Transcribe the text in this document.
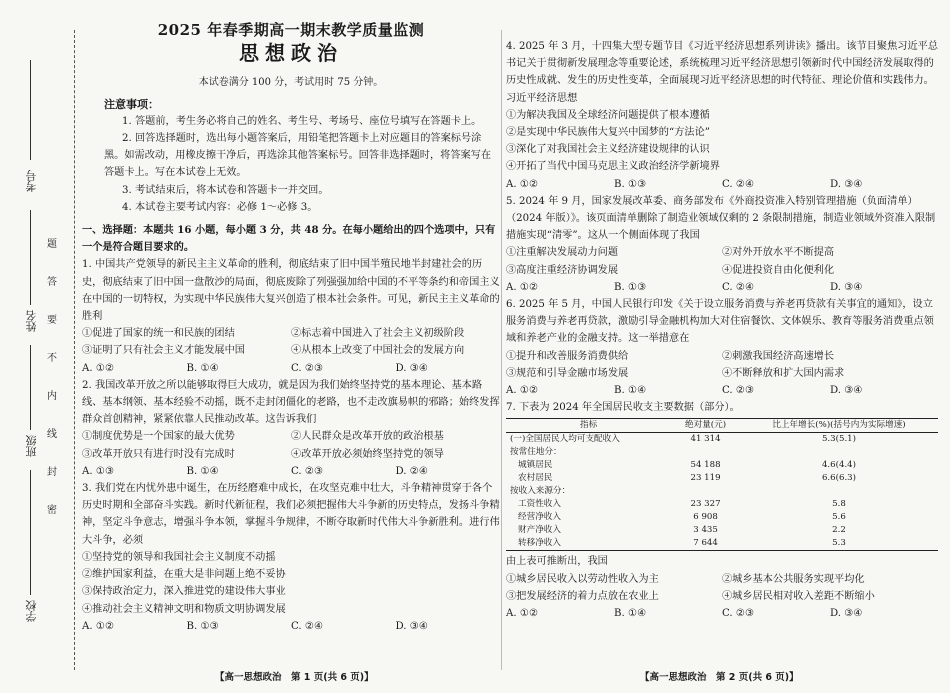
考号
姓名
班级
学校
题
答
要
不
内
线
封
密
2025 年春季期高一期末教学质量监测
思想政治
本试卷满分 100 分，考试用时 75 分钟。
注意事项：
1. 答题前，考生务必将自己的姓名、考生号、考场号、座位号填写在答题卡上。
2. 回答选择题时，选出每小题答案后，用铅笔把答题卡上对应题目的答案标号涂黑。如需改动，用橡皮擦干净后，再选涂其他答案标号。回答非选择题时，将答案写在答题卡上。写在本试卷上无效。
3. 考试结束后，将本试卷和答题卡一并交回。
4. 本试卷主要考试内容：必修 1～必修 3。
一、选择题：本题共 16 小题，每小题 3 分，共 48 分。在每小题给出的四个选项中，只有一个是符合题目要求的。
1. 中国共产党领导的新民主主义革命的胜利，彻底结束了旧中国半殖民地半封建社会的历史，彻底结束了旧中国一盘散沙的局面，彻底废除了列强强加给中国的不平等条约和帝国主义在中国的一切特权，为实现中华民族伟大复兴创造了根本社会条件。可见，新民主主义革命的胜利
①促进了国家的统一和民族的团结	②标志着中国进入了社会主义初级阶段
③证明了只有社会主义才能发展中国	④从根本上改变了中国社会的发展方向
A. ①②	B. ①④	C. ②③	D. ③④
2. 我国改革开放之所以能够取得巨大成功，就是因为我们始终坚持党的基本理论、基本路线、基本纲领、基本经验不动摇，既不走封闭僵化的老路，也不走改旗易帜的邪路；始终发挥群众首创精神，紧紧依靠人民推动改革。这告诉我们
①制度优势是一个国家的最大优势	②人民群众是改革开放的政治根基
③改革开放只有进行时没有完成时	④改革开放必须始终坚持党的领导
A. ①③	B. ①④	C. ②③	D. ②④
3. 我们党在内忧外患中诞生，在历经磨难中成长，在攻坚克难中壮大，斗争精神贯穿于各个历史时期和全部奋斗实践。新时代新征程，我们必须把握伟大斗争新的历史特点，发扬斗争精神，坚定斗争意志，增强斗争本领，掌握斗争规律，不断夺取新时代伟大斗争新胜利。进行伟大斗争，必须
①坚持党的领导和我国社会主义制度不动摇
②维护国家利益，在重大是非问题上绝不妥协
③保持政治定力，深入推进党的建设伟大事业
④推动社会主义精神文明和物质文明协调发展
A. ①②	B. ①③	C. ②④	D. ③④
【高一思想政治　第 1 页(共 6 页)】
4. 2025 年 3 月，十四集大型专题节目《习近平经济思想系列讲读》播出。该节目聚焦习近平总书记关于贯彻新发展理念等重要论述，系统梳理习近平经济思想引领新时代中国经济发展取得的历史性成就、发生的历史性变革，全面展现习近平经济思想的时代特征、理论价值和实践伟力。习近平经济思想
①为解决我国及全球经济问题提供了根本遵循
②是实现中华民族伟大复兴中国梦的“方法论”
③深化了对我国社会主义经济建设规律的认识
④开拓了当代中国马克思主义政治经济学新境界
A. ①②	B. ①③	C. ②④	D. ③④
5. 2024 年 9 月，国家发展改革委、商务部发布《外商投资准入特别管理措施（负面清单）（2024 年版）》。该页面清单删除了制造业领域仅剩的 2 条限制措施，制造业领域外资准入限制措施实现“清零”。这从一个侧面体现了我国
①注重解决发展动力问题	②对外开放水平不断提高
③高度注重经济协调发展	④促进投资自由化便利化
A. ①②	B. ①③	C. ②④	D. ③④
6. 2025 年 5 月，中国人民银行印发《关于设立服务消费与养老再贷款有关事宜的通知》，设立服务消费与养老再贷款，激励引导金融机构加大对住宿餐饮、文体娱乐、教育等服务消费重点领域和养老产业的金融支持。这一举措意在
①提升和改善服务消费供给	②刺激我国经济高速增长
③规范和引导金融市场发展	④不断释放和扩大国内需求
A. ①②	B. ①④	C. ②③	D. ③④
7. 下表为 2024 年全国居民收支主要数据（部分）。
指标	绝对量(元)	比上年增长(%)(括号内为实际增速)
(一)全国居民人均可支配收入	41 314	5.3(5.1)
按常住地分：		
城镇居民	54 188	4.6(4.4)
农村居民	23 119	6.6(6.3)
按收入来源分：		
工资性收入	23 327	5.8
经营净收入	6 908	5.6
财产净收入	3 435	2.2
转移净收入	7 644	5.3
由上表可推断出，我国
①城乡居民收入以劳动性收入为主	②城乡基本公共服务实现平均化
③把发展经济的着力点放在农业上	④城乡居民相对收入差距不断缩小
A. ①②	B. ①④	C. ②③	D. ③④
【高一思想政治　第 2 页(共 6 页)】
